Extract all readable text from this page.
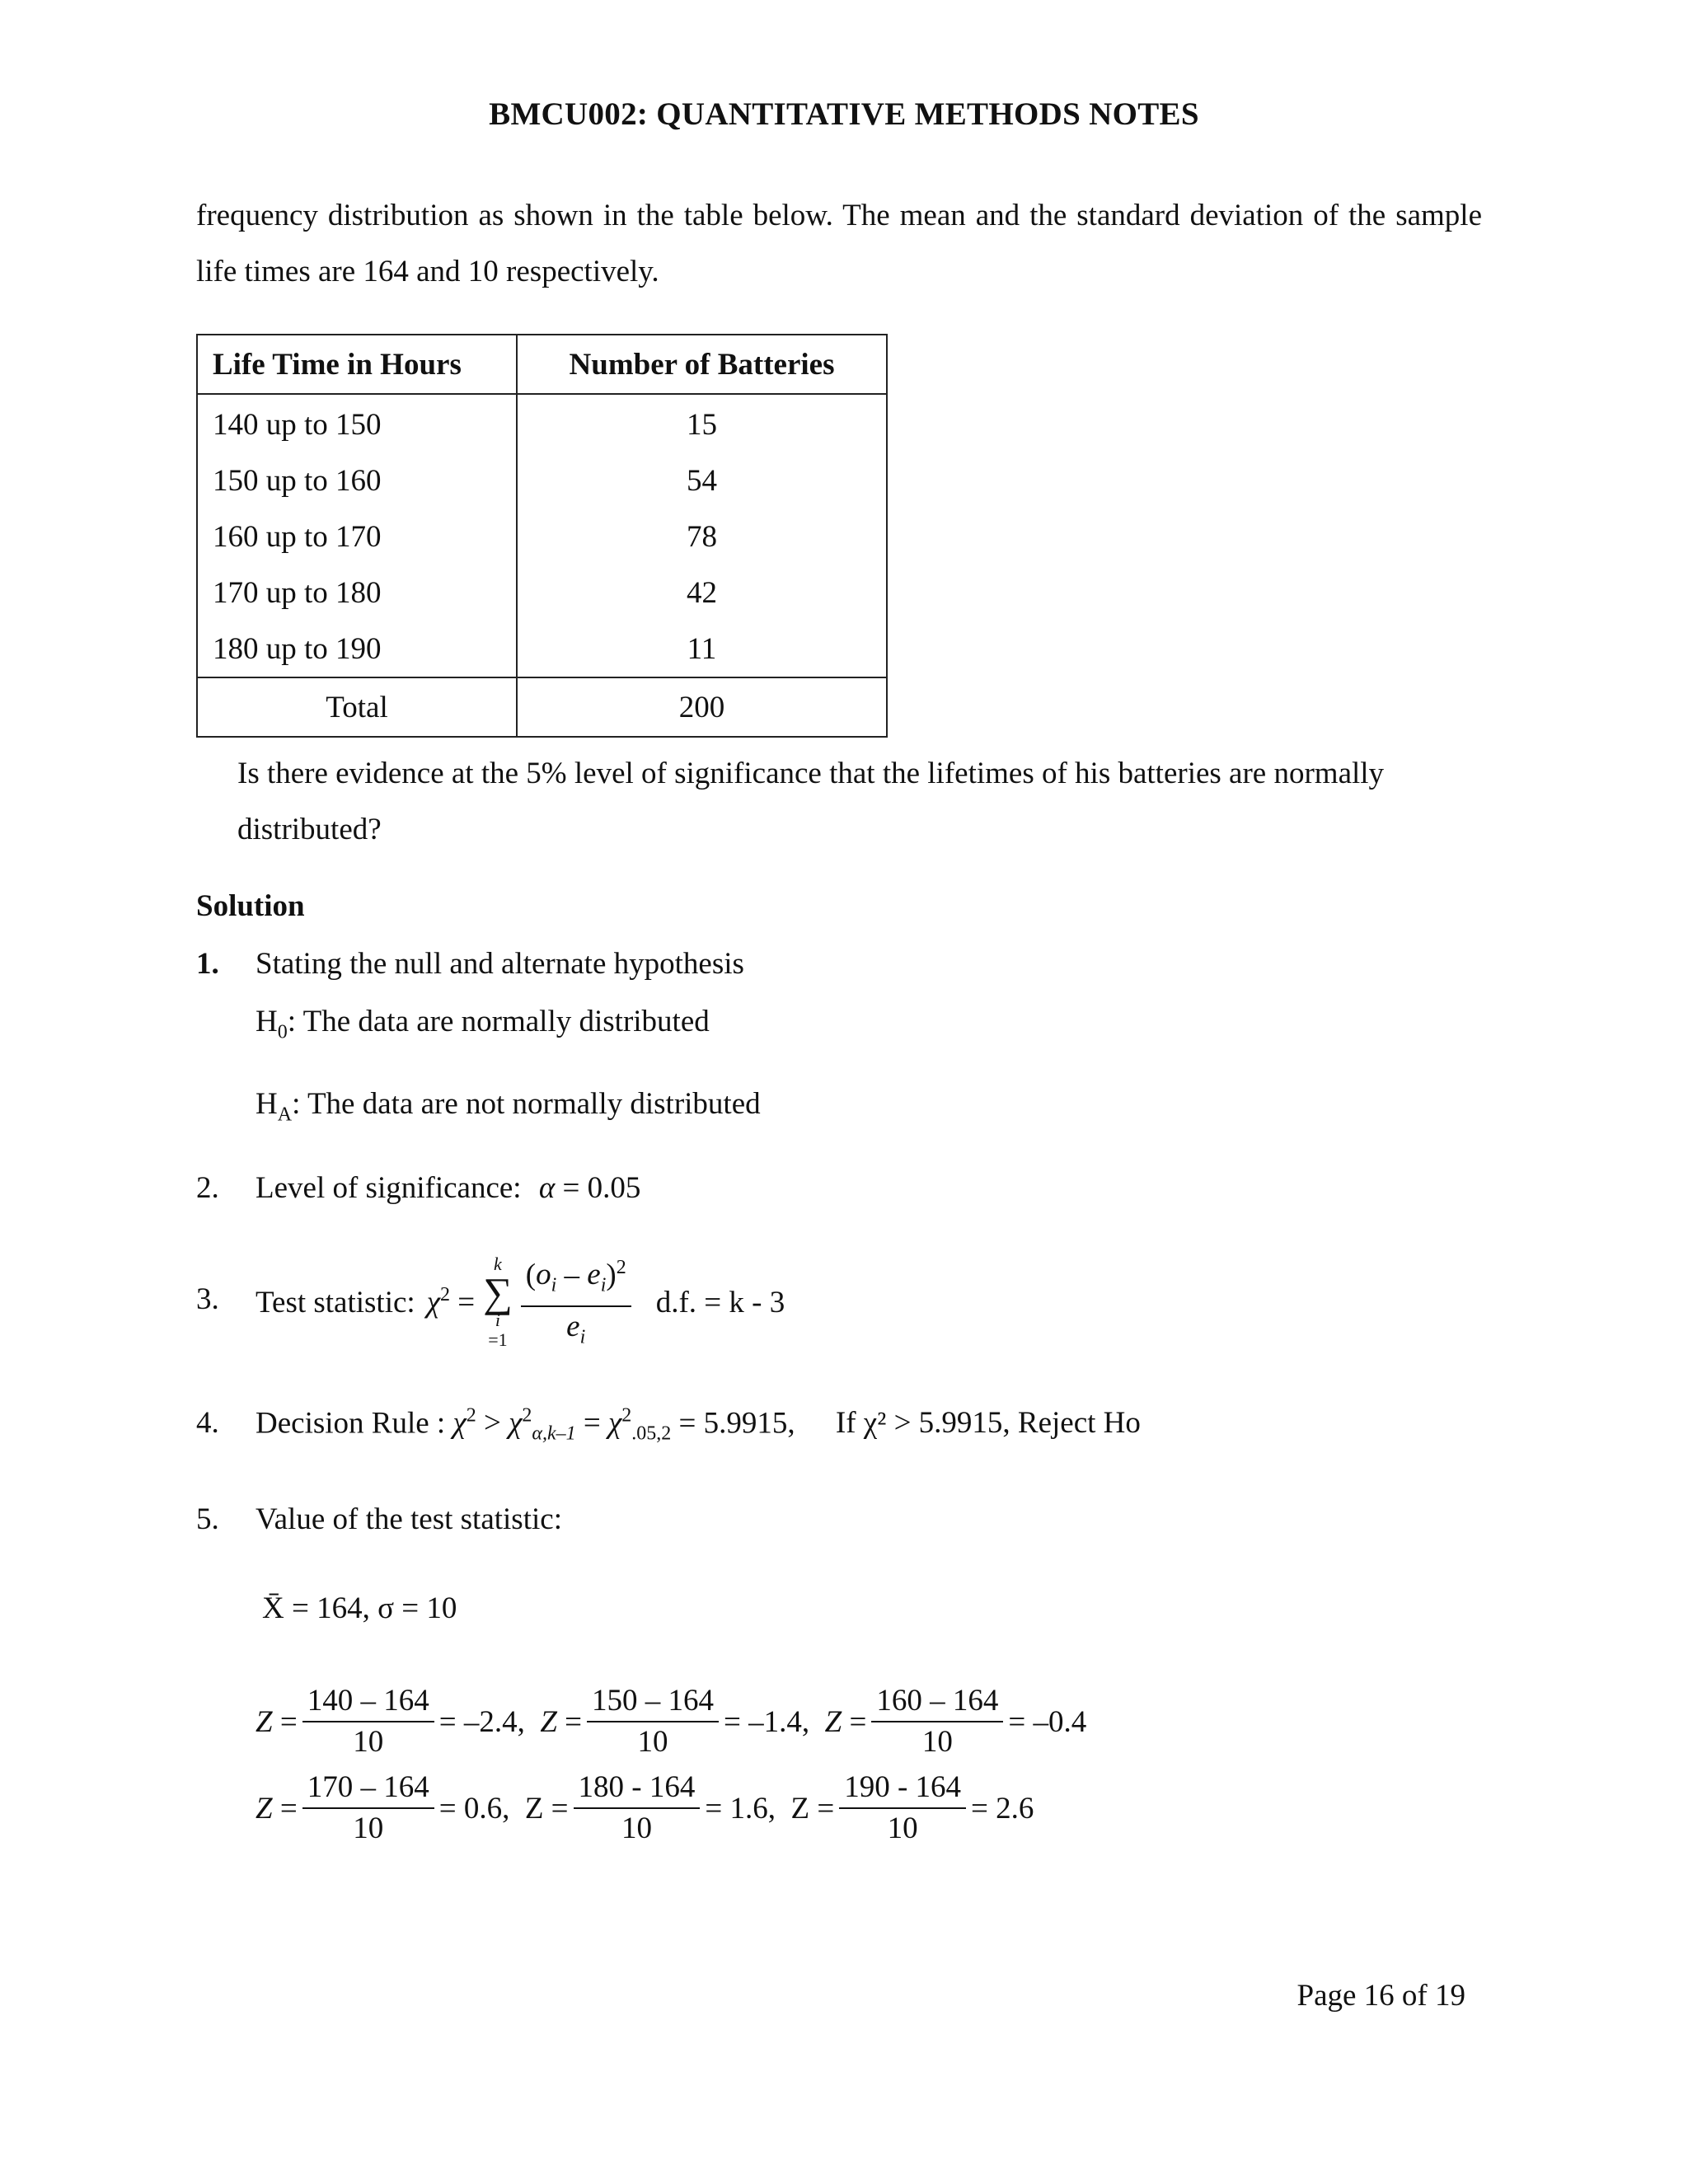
BMCU002: QUANTITATIVE METHODS NOTES
frequency distribution as shown in the table below. The mean and the standard deviation of the sample life times are 164 and 10 respectively.
Life Time in Hours	Number of Batteries
140 up to 150	15
150 up to 160	54
160 up to 170	78
170 up to 180	42
180 up to 190	11
Total	200
Is there evidence at the 5% level of significance that the lifetimes of his batteries are normally distributed?
Solution
1. Stating the null and alternate hypothesis
$H_0$: The data are normally distributed
$H_A$: The data are not normally distributed
2. Level of significance: α = 0.05
3. Test statistic: $\chi^2$ =
k
∑
i
$=1 \frac{(o_i - e_i)^2}{e_i} d.f$. = k - 3
4. Decision Rule : $\chi^2 > \chi^2_{\alpha,k-1} = \chi^2_{.05,2} = 5.9915$, If χ² > 5.9915, Reject Ho
5. Value of the test statistic:
X̄ = 164, σ = 10
$Z = \frac{140 - 164}{10} = -2.4$,
$Z = \frac{150 - 164}{10} = -1.4$,
$Z = \frac{160 - 164}{10} = -0.4$
$Z = \frac{170 - 164}{10} = 0.6$, $Z = \frac{180 - 164}{10} = 1.6$, $Z = \frac{190 - 164}{10} = 2.6$
Page 16 of 19
